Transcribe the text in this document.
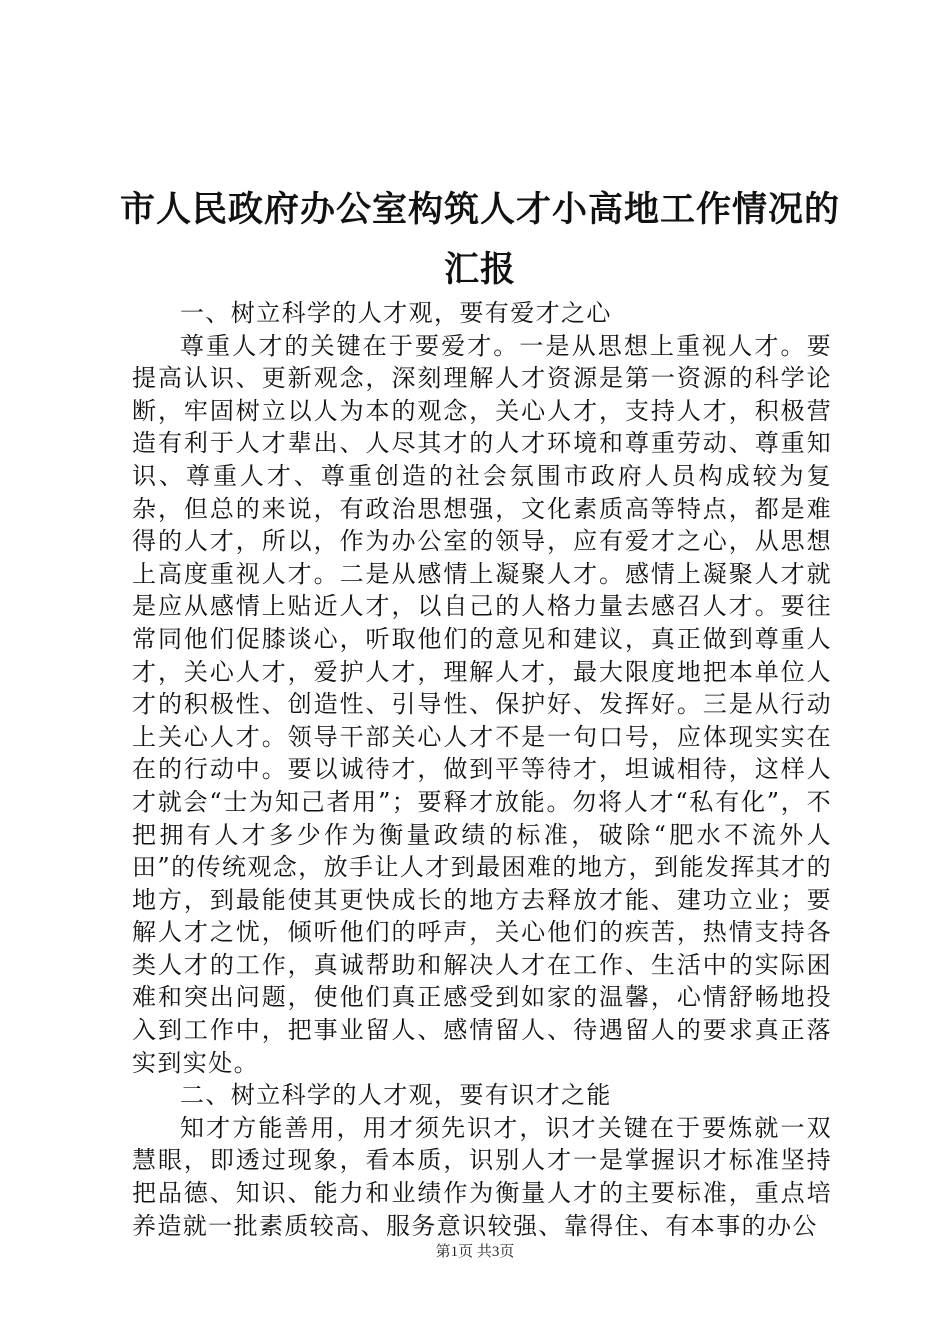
市人民政府办公室构筑人才小高地工作情况的汇报

一、树立科学的人才观，要有爱才之心

尊重人才的关键在于要爱才。一是从思想上重视人才。要提高认识、更新观念，深刻理解人才资源是第一资源的科学论断，牢固树立以人为本的观念，关心人才，支持人才，积极营造有利于人才辈出、人尽其才的人才环境和尊重劳动、尊重知识、尊重人才、尊重创造的社会氛围市政府人员构成较为复杂，但总的来说，有政治思想强，文化素质高等特点，都是难得的人才，所以，作为办公室的领导，应有爱才之心，从思想上高度重视人才。二是从感情上凝聚人才。感情上凝聚人才就是应从感情上贴近人才，以自己的人格力量去感召人才。要往常同他们促膝谈心，听取他们的意见和建议，真正做到尊重人才，关心人才，爱护人才，理解人才，最大限度地把本单位人才的积极性、创造性、引导性、保护好、发挥好。三是从行动上关心人才。领导干部关心人才不是一句口号，应体现实实在在的行动中。要以诚待才，做到平等待才，坦诚相待，这样人才就会“士为知己者用”；要释才放能。勿将人才“私有化”，不把拥有人才多少作为衡量政绩的标准，破除“肥水不流外人田”的传统观念，放手让人才到最困难的地方，到能发挥其才的地方，到最能使其更快成长的地方去释放才能、建功立业；要解人才之忧，倾听他们的呼声，关心他们的疾苦，热情支持各类人才的工作，真诚帮助和解决人才在工作、生活中的实际困难和突出问题，使他们真正感受到如家的温馨，心情舒畅地投入到工作中，把事业留人、感情留人、待遇留人的要求真正落实到实处。

二、树立科学的人才观，要有识才之能

知才方能善用，用才须先识才，识才关键在于要炼就一双慧眼，即透过现象，看本质，识别人才一是掌握识才标准坚持把品德、知识、能力和业绩作为衡量人才的主要标准，重点培养造就一批素质较高、服务意识较强、靠得住、有本事的办公

第1页 共3页
